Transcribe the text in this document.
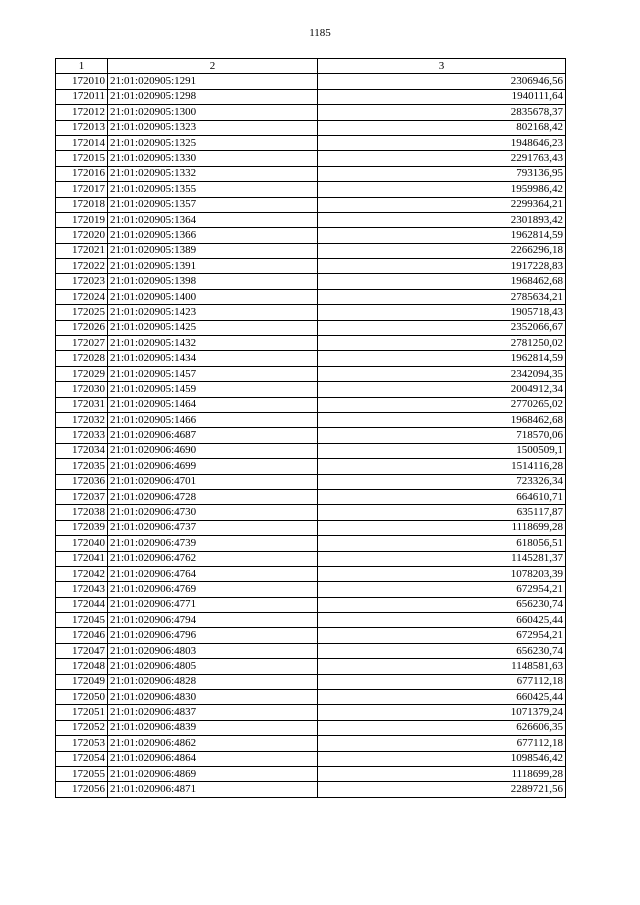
1185
1	2	3
172010	21:01:020905:1291	2306946,56
172011	21:01:020905:1298	1940111,64
172012	21:01:020905:1300	2835678,37
172013	21:01:020905:1323	802168,42
172014	21:01:020905:1325	1948646,23
172015	21:01:020905:1330	2291763,43
172016	21:01:020905:1332	793136,95
172017	21:01:020905:1355	1959986,42
172018	21:01:020905:1357	2299364,21
172019	21:01:020905:1364	2301893,42
172020	21:01:020905:1366	1962814,59
172021	21:01:020905:1389	2266296,18
172022	21:01:020905:1391	1917228,83
172023	21:01:020905:1398	1968462,68
172024	21:01:020905:1400	2785634,21
172025	21:01:020905:1423	1905718,43
172026	21:01:020905:1425	2352066,67
172027	21:01:020905:1432	2781250,02
172028	21:01:020905:1434	1962814,59
172029	21:01:020905:1457	2342094,35
172030	21:01:020905:1459	2004912,34
172031	21:01:020905:1464	2770265,02
172032	21:01:020905:1466	1968462,68
172033	21:01:020906:4687	718570,06
172034	21:01:020906:4690	1500509,1
172035	21:01:020906:4699	1514116,28
172036	21:01:020906:4701	723326,34
172037	21:01:020906:4728	664610,71
172038	21:01:020906:4730	635117,87
172039	21:01:020906:4737	1118699,28
172040	21:01:020906:4739	618056,51
172041	21:01:020906:4762	1145281,37
172042	21:01:020906:4764	1078203,39
172043	21:01:020906:4769	672954,21
172044	21:01:020906:4771	656230,74
172045	21:01:020906:4794	660425,44
172046	21:01:020906:4796	672954,21
172047	21:01:020906:4803	656230,74
172048	21:01:020906:4805	1148581,63
172049	21:01:020906:4828	677112,18
172050	21:01:020906:4830	660425,44
172051	21:01:020906:4837	1071379,24
172052	21:01:020906:4839	626606,35
172053	21:01:020906:4862	677112,18
172054	21:01:020906:4864	1098546,42
172055	21:01:020906:4869	1118699,28
172056	21:01:020906:4871	2289721,56
